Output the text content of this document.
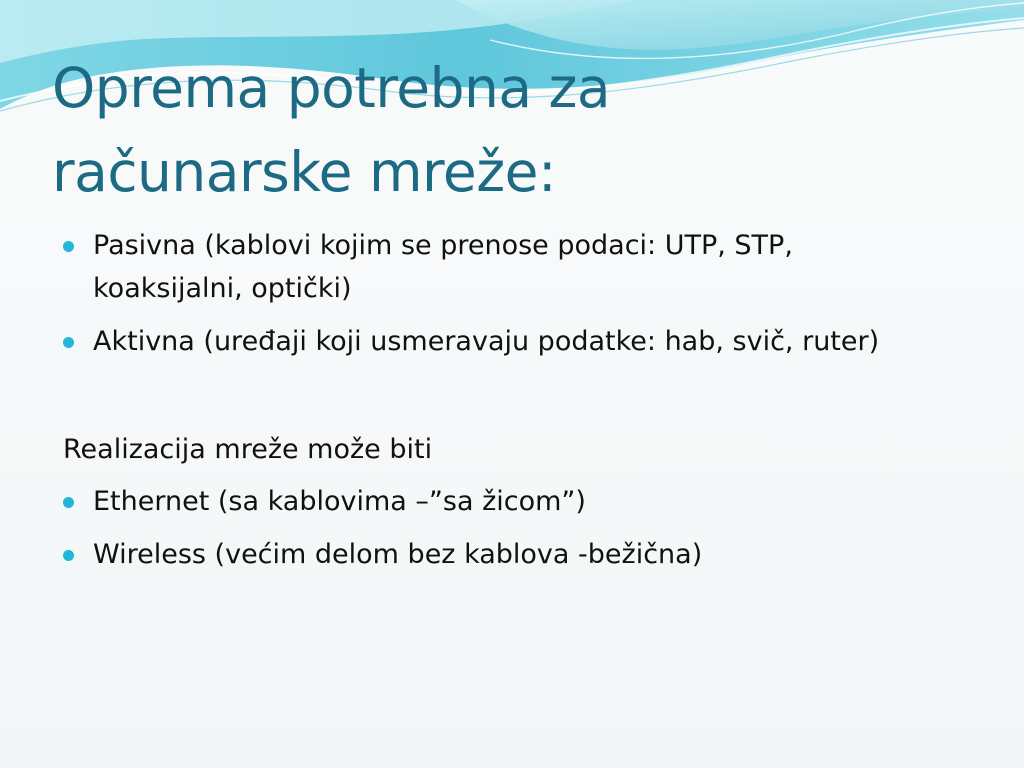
Oprema potrebna za
računarske mreže:
Pasivna (kablovi kojim se prenose podaci: UTP, STP,
koaksijalni, optički)
Aktivna (uređaji koji usmeravaju podatke: hab, svič, ruter)
Realizacija mreže može biti
Ethernet (sa kablovima –”sa žicom”)
Wireless (većim delom bez kablova -bežična)
